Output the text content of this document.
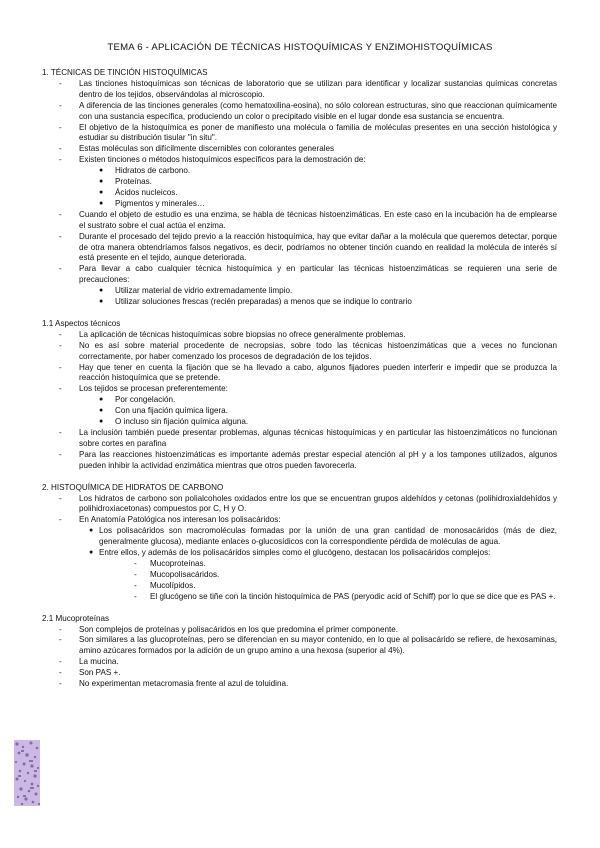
TEMA 6 - APLICACIÓN DE TÉCNICAS HISTOQUÍMICAS Y ENZIMOHISTOQUÍMICAS

1. TÉCNICAS DE TINCIÓN HISTOQUÍMICAS

- Las tinciones histoquímicas son técnicas de laboratorio que se utilizan para identificar y localizar sustancias químicas concretas dentro de los tejidos, observándolas al microscopio.

- A diferencia de las tinciones generales (como hematoxilina-eosina), no sólo colorean estructuras, sino que reaccionan químicamente con una sustancia específica, produciendo un color o precipitado visible en el lugar donde esa sustancia se encuentra.

- El objetivo de la histoquímica es poner de manifiesto una molécula o familia de moléculas presentes en una sección histológica y estudiar su distribución tisular "in situ".

- Estas moléculas son difícilmente discernibles con colorantes generales

- Existen tinciones o métodos histoquímicos específicos para la demostración de:

● Hidratos de carbono.

● Proteínas.

● Ácidos nucleicos.

● Pigmentos y minerales…

- Cuando el objeto de estudio es una enzima, se habla de técnicas histoenzimáticas. En este caso en la incubación ha de emplearse el sustrato sobre el cual actúa el enzima.

- Durante el procesado del tejido previo a la reacción histoquímica, hay que evitar dañar a la molécula que queremos detectar, porque de otra manera obtendríamos falsos negativos, es decir, podríamos no obtener tinción cuando en realidad la molécula de interés sí está presente en el tejido, aunque deteriorada.

- Para llevar a cabo cualquier técnica histoquímica y en particular las técnicas histoenzimáticas se requieren una serie de precauciones:

● Utilizar material de vidrio extremadamente limpio.

● Utilizar soluciones frescas (recién preparadas) a menos que se indique lo contrario

1.1 Aspectos técnicos

- La aplicación de técnicas histoquímicas sobre biopsias no ofrece generalmente problemas.

- No es así sobre material procedente de necropsias, sobre todo las técnicas histoenzimáticas que a veces no funcionan correctamente, por haber comenzado los procesos de degradación de los tejidos.

- Hay que tener en cuenta la fijación que se ha llevado a cabo, algunos fijadores pueden interferir e impedir que se produzca la reacción histoquímica que se pretende.

- Los tejidos se procesan preferentemente:

● Por congelación.

● Con una fijación química ligera.

● O incluso sin fijación química alguna.

- La inclusión también puede presentar problemas, algunas técnicas histoquímicas y en particular las histoenzimáticos no funcionan sobre cortes en parafina

- Para las reacciones histoenzimáticas es importante además prestar especial atención al pH y a los tampones utilizados, algunos pueden inhibir la actividad enzimática mientras que otros pueden favorecerla.

2. HISTOQUÍMICA DE HIDRATOS DE CARBONO

- Los hidratos de carbono son polialcoholes oxidados entre los que se encuentran grupos aldehídos y cetonas (polihidroxialdehídos y polihidroxiacetonas) compuestos por C, H y O.

- En Anatomía Patológica nos interesan los polisacáridos:

● Los polisacáridos son macromoléculas formadas por la unión de una gran cantidad de monosacáridos (más de diez, generalmente glucosa), mediante enlaces o-glucosídicos con la correspondiente pérdida de moléculas de agua.

● Entre ellos, y además de los polisacáridos simples como el glucógeno, destacan los polisacáridos complejos:

- Mucoproteínas.

- Mucopolisacáridos.

- Mucolípidos.

- El glucógeno se tiñe con la tinción histoquímica de PAS (peryodic acid of Schiff) por lo que se dice que es PAS +.

2.1 Mucoproteínas

- Son complejos de proteínas y polisacáridos en los que predomina el primer componente.

- Son similares a las glucoproteínas, pero se diferencian en su mayor contenido, en lo que al polisacárido se refiere, de hexosaminas, amino azúcares formados por la adición de un grupo amino a una hexosa (superior al 4%).

- La mucina.

- Son PAS +.

- No experimentan metacromasia frente al azul de toluidina.
